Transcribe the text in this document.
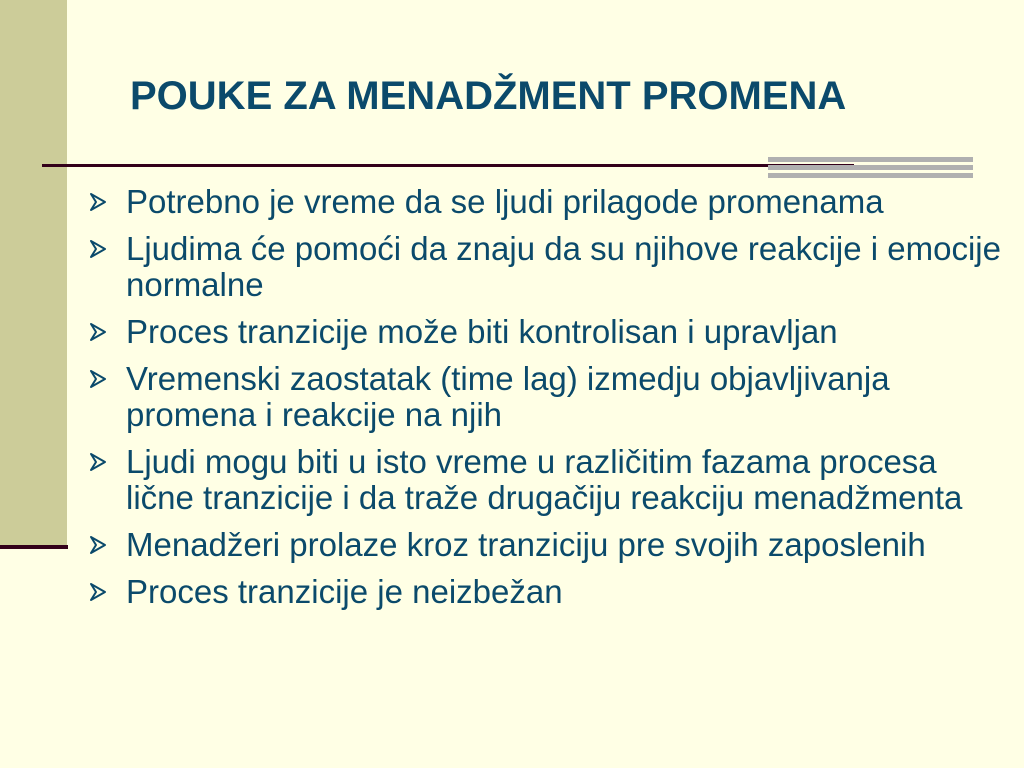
POUKE ZA MENADŽMENT PROMENA
Potrebno je vreme da se ljudi prilagode promenama
Ljudima će pomoći da znaju da su njihove reakcije i emocije normalne
Proces tranzicije može biti kontrolisan i upravljan
Vremenski zaostatak (time lag) izmedju objavljivanja promena i reakcije na njih
Ljudi mogu biti u isto vreme u različitim fazama procesa lične tranzicije i da traže drugačiju reakciju menadžmenta
Menadžeri prolaze kroz tranziciju pre svojih zaposlenih
Proces tranzicije je neizbežan
